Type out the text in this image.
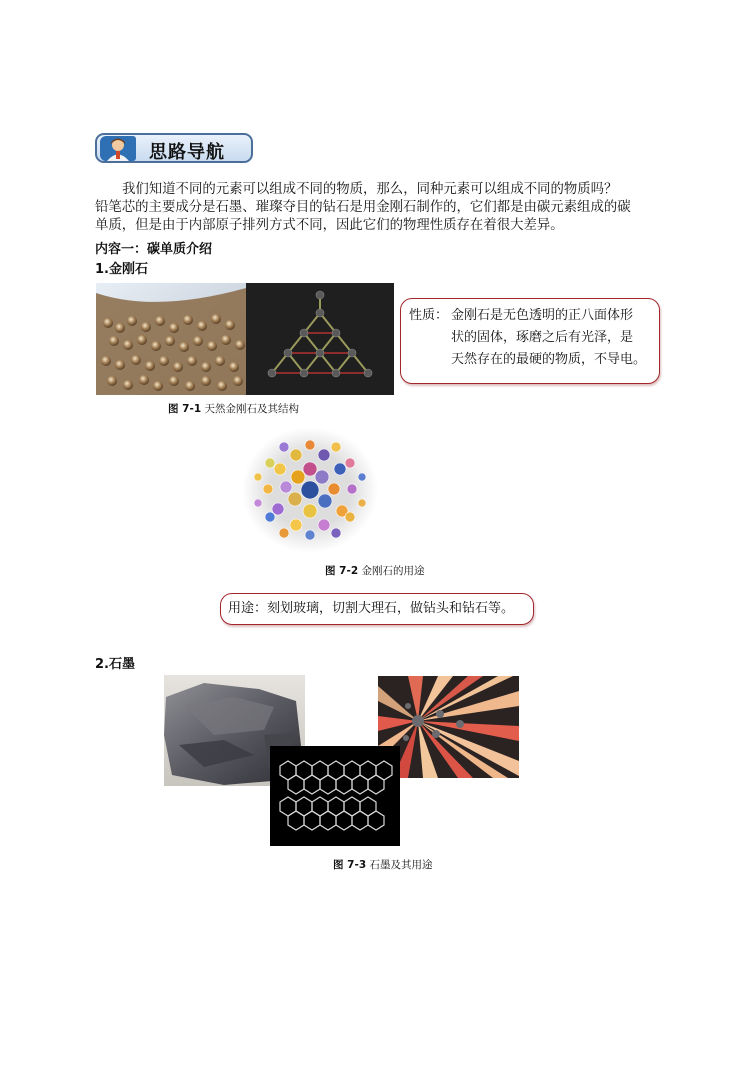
思路导航
我们知道不同的元素可以组成不同的物质，那么，同种元素可以组成不同的物质吗？
铅笔芯的主要成分是石墨、璀璨夺目的钻石是用金刚石制作的，它们都是由碳元素组成的碳
单质，但是由于内部原子排列方式不同，因此它们的物理性质存在着很大差异。
内容一：碳单质介绍
1.金刚石
性质： 金刚石是无色透明的正八面体形
状的固体，琢磨之后有光泽，是
天然存在的最硬的物质，不导电。
图 7-1 天然金刚石及其结构
图 7-2 金刚石的用途
用途：刻划玻璃，切割大理石，做钻头和钻石等。
2.石墨
图 7-3 石墨及其用途
